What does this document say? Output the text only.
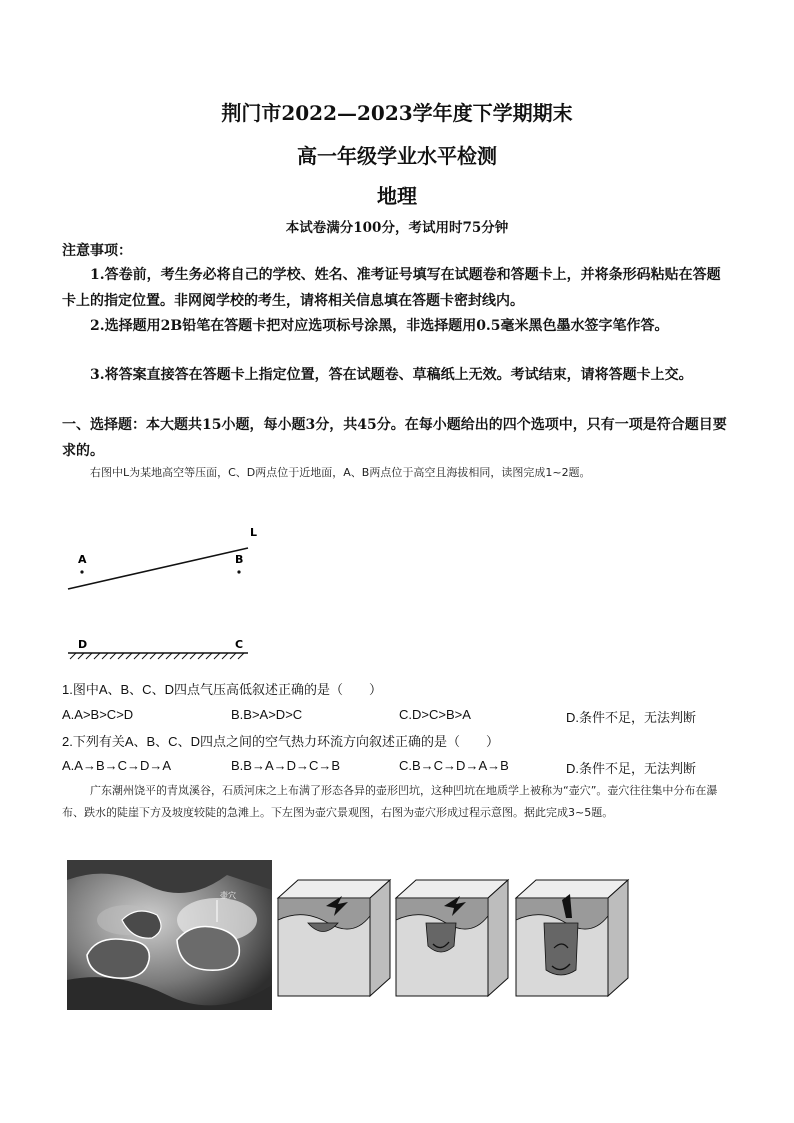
荆门市2022—2023学年度下学期期末
高一年级学业水平检测
地理
本试卷满分100分，考试用时75分钟
注意事项：
1.答卷前，考生务必将自己的学校、姓名、准考证号填写在试题卷和答题卡上，并将条形码粘贴在答题卡上的指定位置。非网阅学校的考生，请将相关信息填在答题卡密封线内。
2.选择题用2B铅笔在答题卡把对应选项标号涂黑，非选择题用0.5毫米黑色墨水签字笔作答。
3.将答案直接答在答题卡上指定位置，答在试题卷、草稿纸上无效。考试结束，请将答题卡上交。
一、选择题：本大题共15小题，每小题3分，共45分。在每小题给出的四个选项中，只有一项是符合题目要求的。
右图中L为某地高空等压面，C、D两点位于近地面，A、B两点位于高空且海拔相同，读图完成1~2题。
L
A	B
D	C
1.图中A、B、C、D四点气压高低叙述正确的是（　　）
A.A>B>C>D	B.B>A>D>C	C.D>C>B>A	D.条件不足，无法判断
2.下列有关A、B、C、D四点之间的空气热力环流方向叙述正确的是（　　）
A.A→B→C→D→A	B.B→A→D→C→B	C.B→C→D→A→B	D.条件不足，无法判断
广东潮州饶平的青岚溪谷，石质河床之上布满了形态各异的壶形凹坑，这种凹坑在地质学上被称为“壶穴”。壶穴往往集中分布在瀑布、跌水的陡崖下方及坡度较陡的急滩上。下左图为壶穴景观图，右图为壶穴形成过程示意图。据此完成3~5题。
壶穴
